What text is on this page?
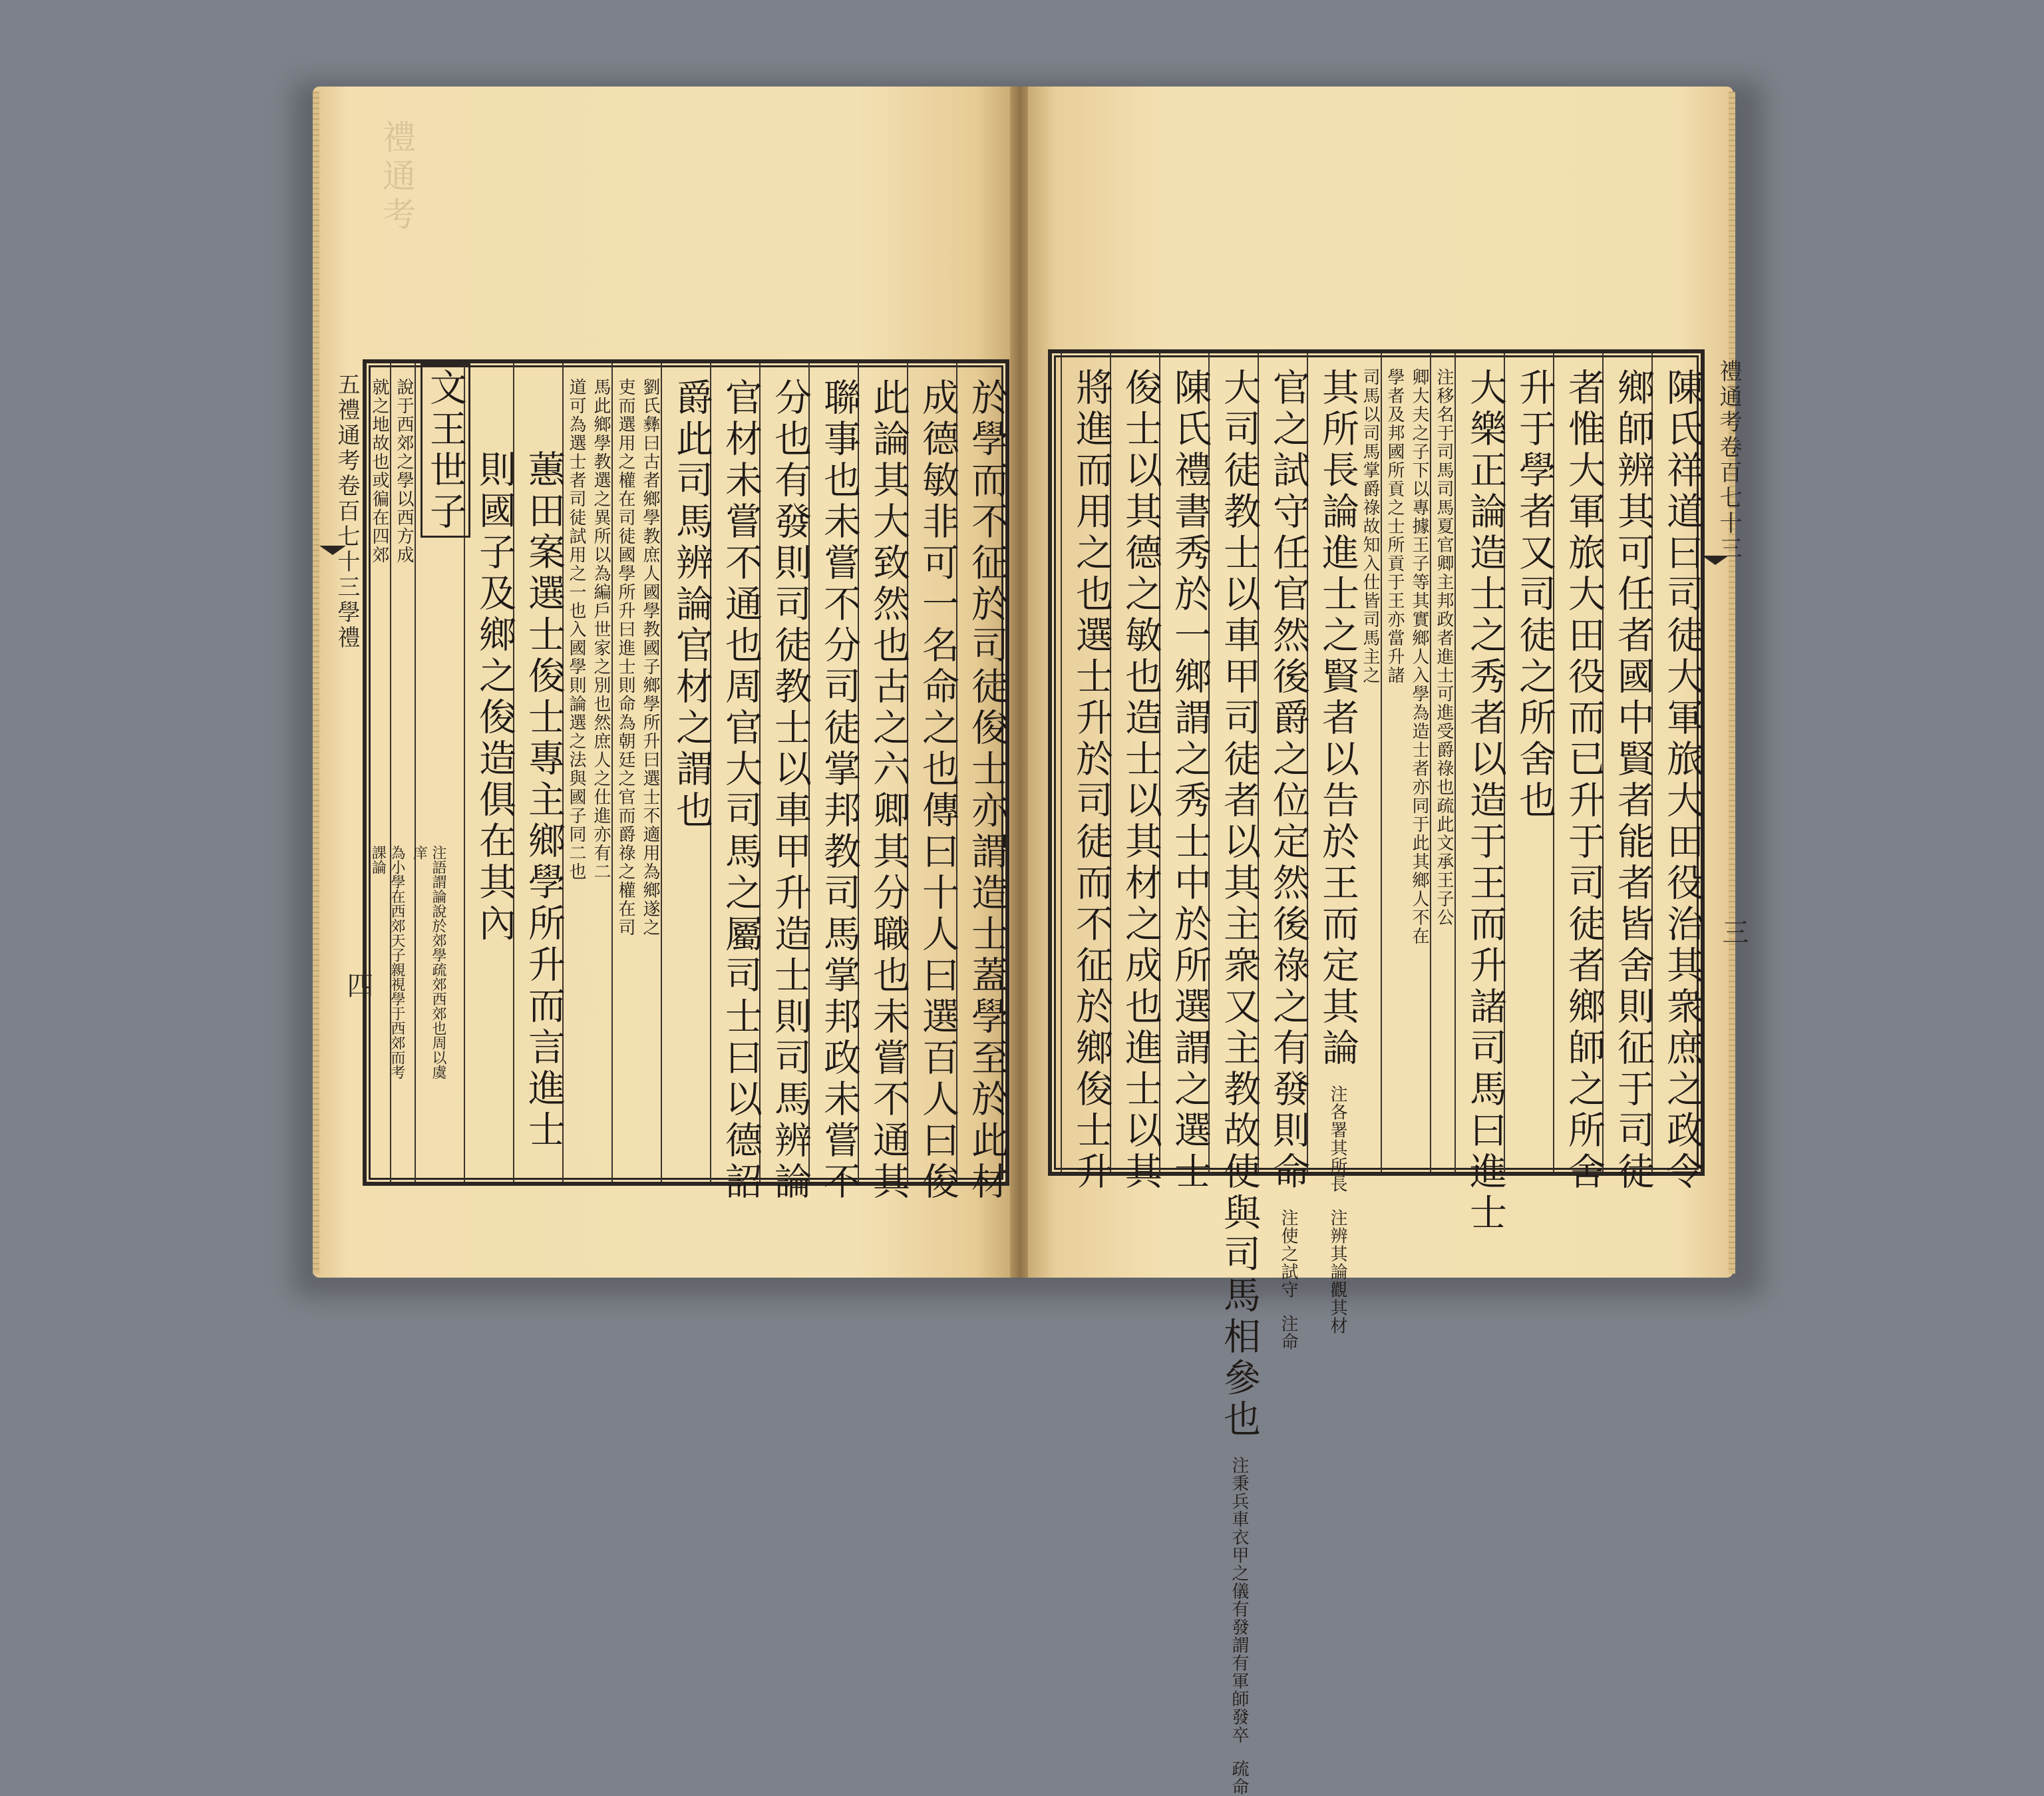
禮通考
於學而不征於司徒俊士亦謂造士蓋學至於此材
成德敏非可一名命之也傳曰十人曰選百人曰俊
此論其大致然也古之六卿其分職也未嘗不通其
聯事也未嘗不分司徒掌邦教司馬掌邦政未嘗不
分也有發則司徒教士以車甲升造士則司馬辨論
官材未嘗不通也周官大司馬之屬司士曰以德詔
爵此司馬辨論官材之謂也
劉氏彝曰古者鄉學教庶人國學教國子鄉學所升曰選士不適用為鄉遂之
吏而選用之權在司徒國學所升曰進士則命為朝廷之官而爵祿之權在司
馬此鄉學教選之異所以為編戶世家之別也然庶人之仕進亦有二
道可為選士者司徒試用之一也入國學則論選之法與國子同二也
蕙田案選士俊士專主鄉學所升而言進士
則國子及鄉之俊造俱在其內
文王世子
說于西郊之學以西方成
就之地故也或徧在四郊
注語謂論說於郊學疏郊西郊也周以虞庠
為小學在西郊天子親視學于西郊而考課論
五禮通考卷百七十三學禮
四	陳氏祥道曰司徒大軍旅大田役治其衆庶之政令
鄉師辨其可任者國中賢者能者皆舍則征于司徒
者惟大軍旅大田役而已升于司徒者鄉師之所舍
升于學者又司徒之所舍也
大樂正論造士之秀者以造于王而升諸司馬曰進士
注移名于司馬司馬夏官卿主邦政者進士可進受爵祿也疏此文承王子公
卿大夫之子下以專據王子等其實鄉人入學為造士者亦同于此其鄉人不在
學者及邦國所貢之士所貢于王亦當升諸
司馬以司馬掌爵祿故知入仕皆司馬主之
其所長論進士之賢者以告於王而定其論 注各署其所長 注辨其論觀其材
官之試守任官然後爵之位定然後祿之有發則命 注使之試守 注命
大司徒教士以車甲司徒者以其主衆又主教故使與司馬相參也 注秉兵車衣甲之儀有發謂有軍師發卒 疏命
陳氏禮書秀於一鄉謂之秀士中於所選謂之選士
俊士以其德之敏也造士以其材之成也進士以其
將進而用之也選士升於司徒而不征於鄉俊士升	禮通考卷百七十三
三
